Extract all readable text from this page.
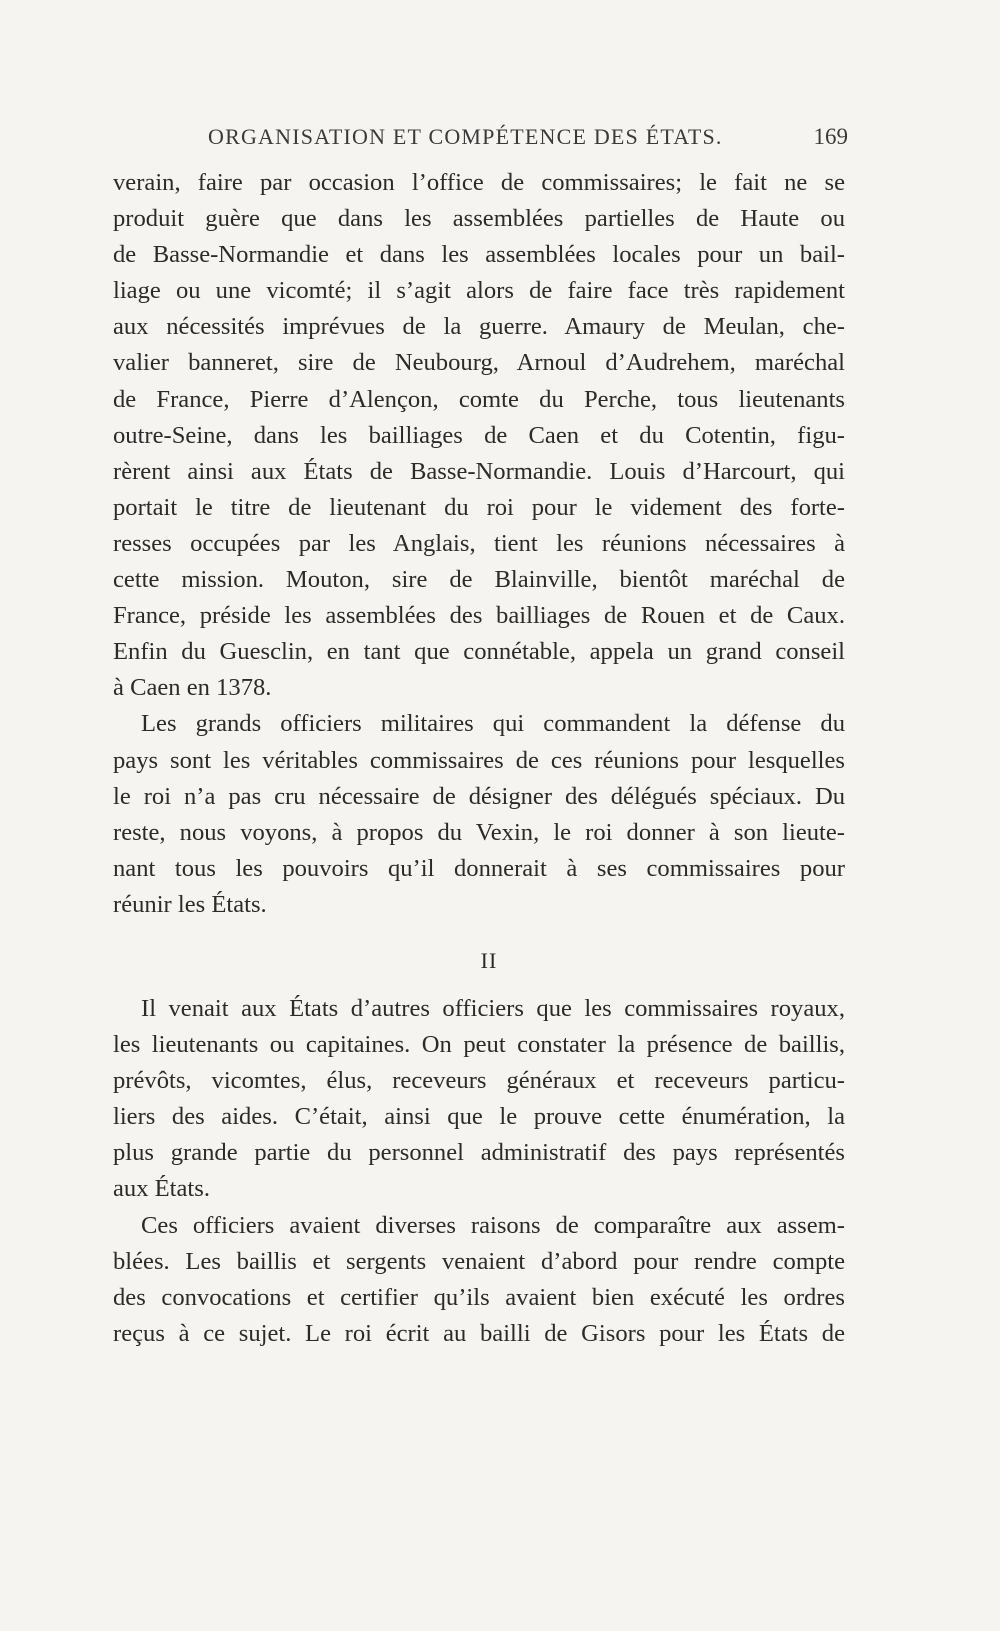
ORGANISATION ET COMPÉTENCE DES ÉTATS.	169
verain, faire par occasion l’office de commissaires; le fait ne se
produit guère que dans les assemblées partielles de Haute ou
de Basse-Normandie et dans les assemblées locales pour un bail-
liage ou une vicomté; il s’agit alors de faire face très rapidement
aux nécessités imprévues de la guerre. Amaury de Meulan, che-
valier banneret, sire de Neubourg, Arnoul d’Audrehem, maréchal
de France, Pierre d’Alençon, comte du Perche, tous lieutenants
outre-Seine, dans les bailliages de Caen et du Cotentin, figu-
rèrent ainsi aux États de Basse-Normandie. Louis d’Harcourt, qui
portait le titre de lieutenant du roi pour le videment des forte-
resses occupées par les Anglais, tient les réunions nécessaires à
cette mission. Mouton, sire de Blainville, bientôt maréchal de
France, préside les assemblées des bailliages de Rouen et de Caux.
Enfin du Guesclin, en tant que connétable, appela un grand conseil
à Caen en 1378.
Les grands officiers militaires qui commandent la défense du
pays sont les véritables commissaires de ces réunions pour lesquelles
le roi n’a pas cru nécessaire de désigner des délégués spéciaux. Du
reste, nous voyons, à propos du Vexin, le roi donner à son lieute-
nant tous les pouvoirs qu’il donnerait à ses commissaires pour
réunir les États.
II
Il venait aux États d’autres officiers que les commissaires royaux,
les lieutenants ou capitaines. On peut constater la présence de baillis,
prévôts, vicomtes, élus, receveurs généraux et receveurs particu-
liers des aides. C’était, ainsi que le prouve cette énumération, la
plus grande partie du personnel administratif des pays représentés
aux États.
Ces officiers avaient diverses raisons de comparaître aux assem-
blées. Les baillis et sergents venaient d’abord pour rendre compte
des convocations et certifier qu’ils avaient bien exécuté les ordres
reçus à ce sujet. Le roi écrit au bailli de Gisors pour les États de
